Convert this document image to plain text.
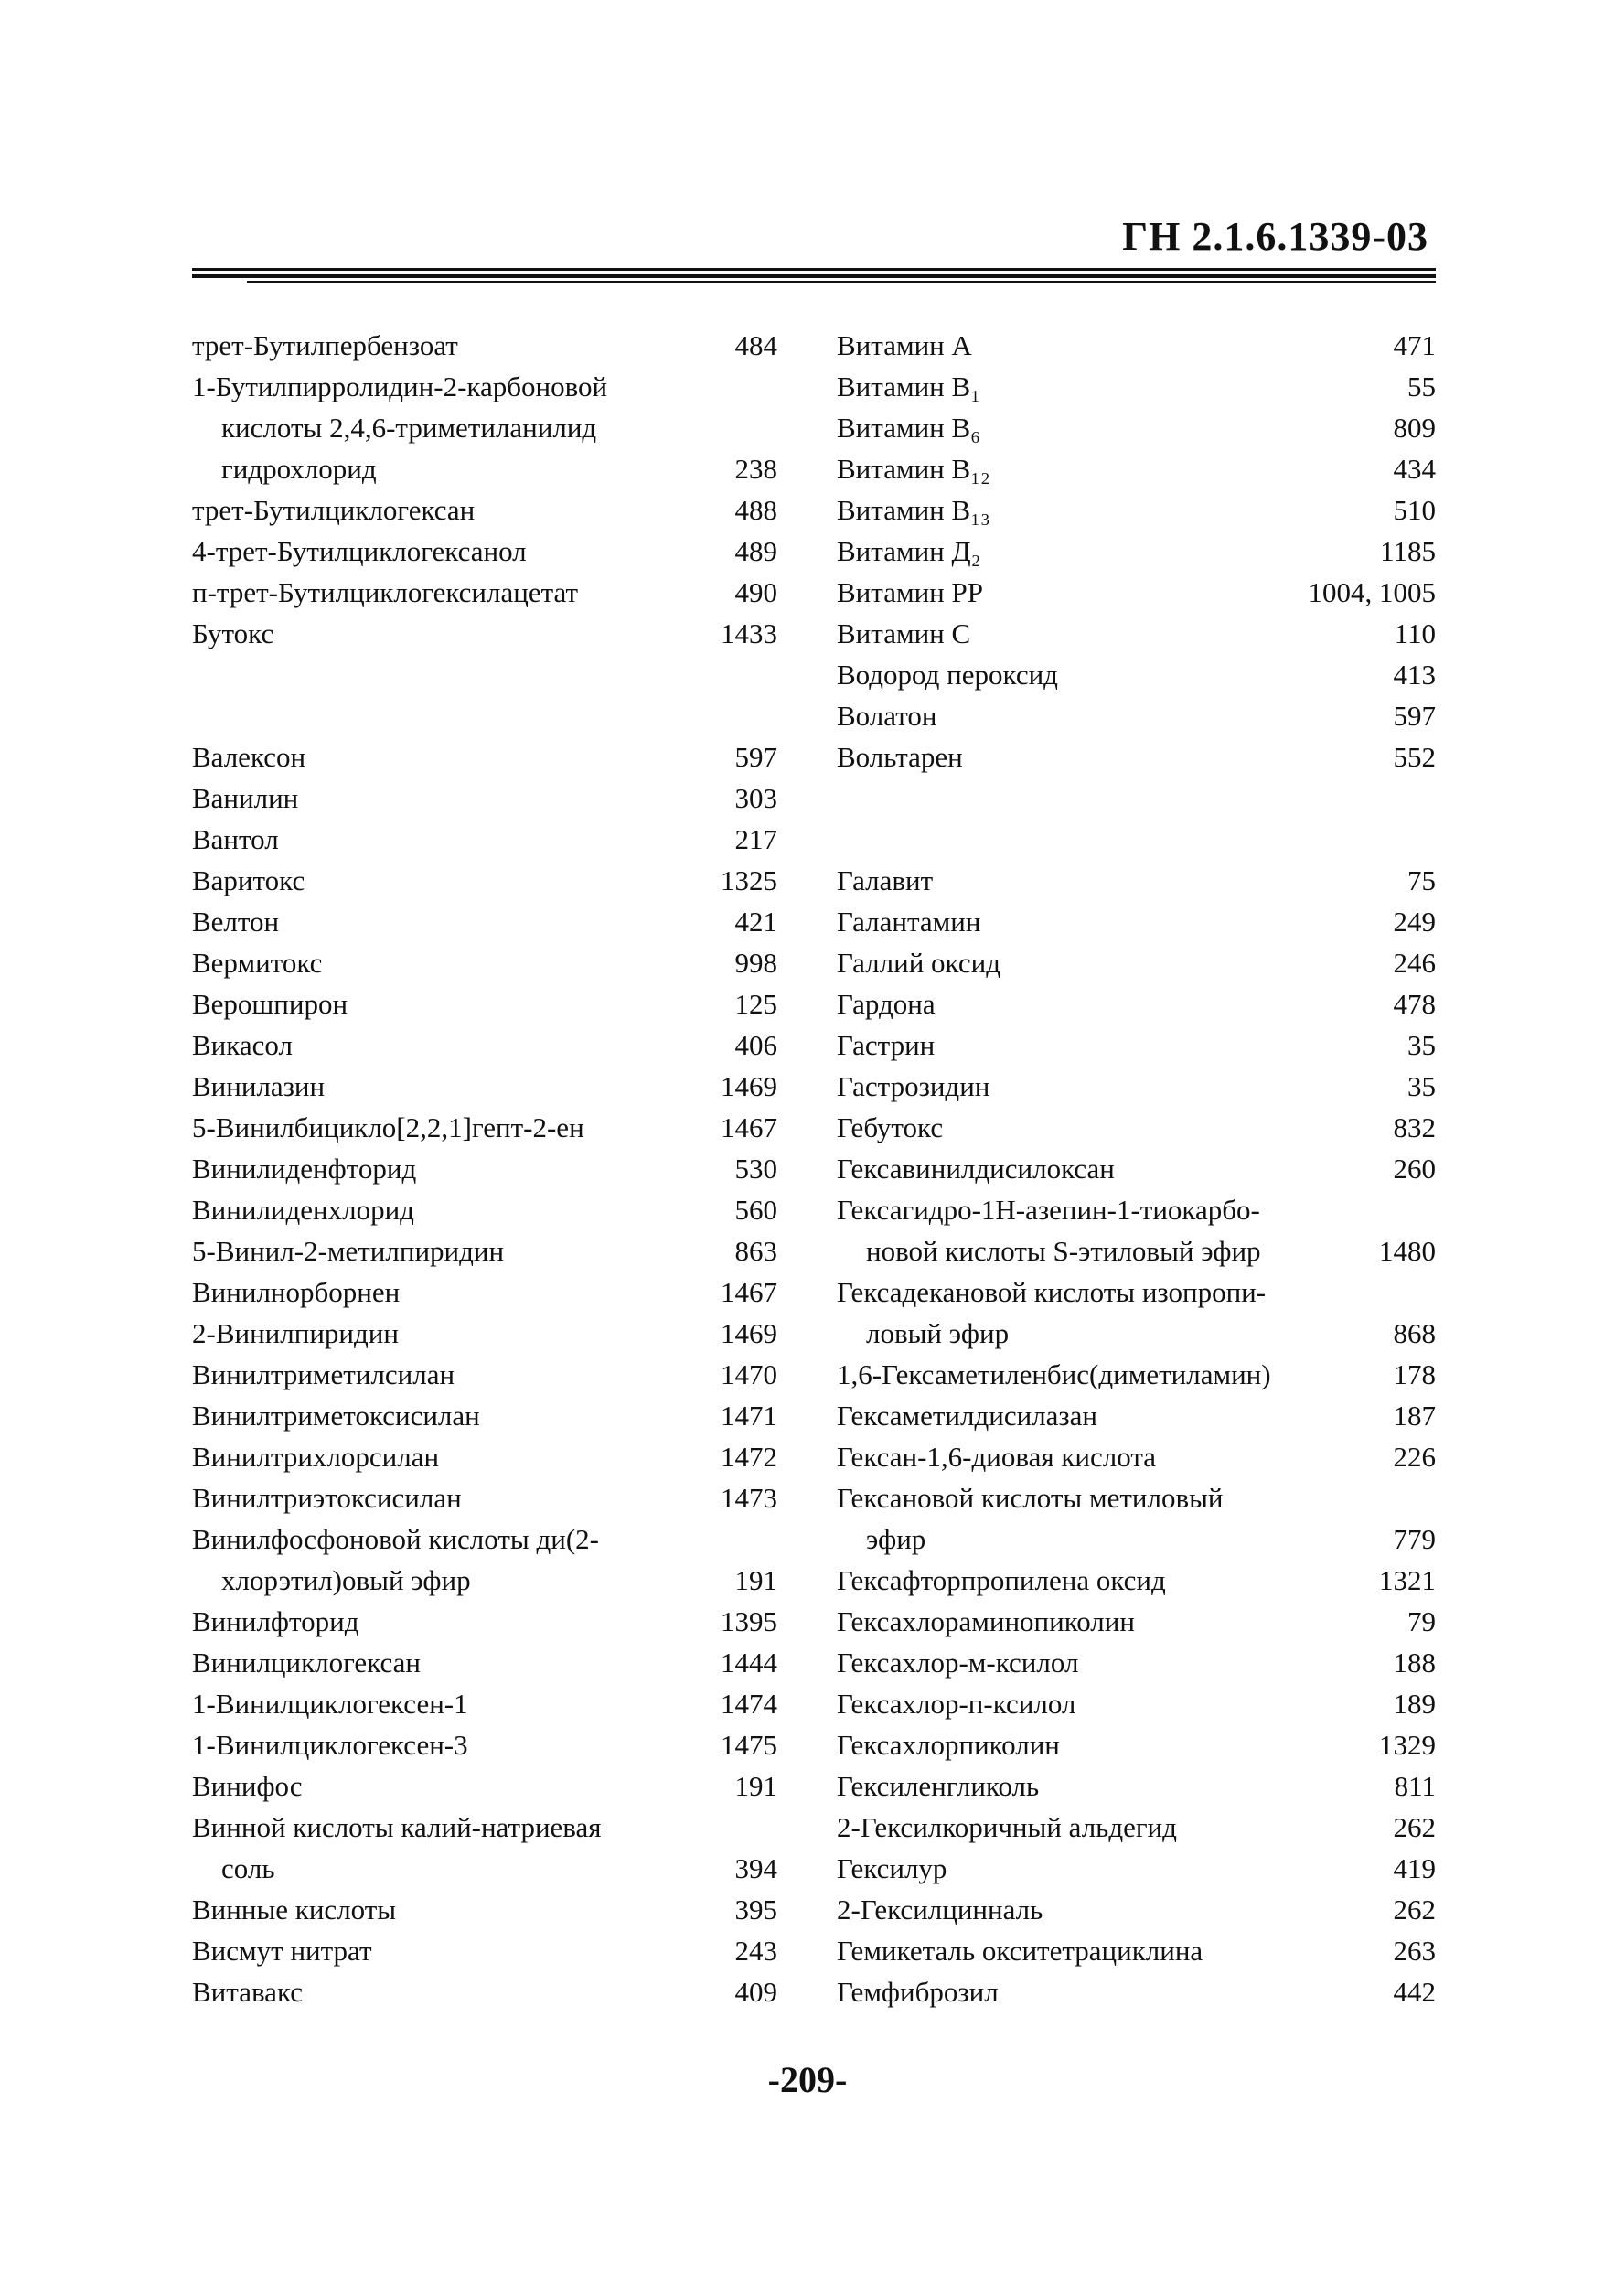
ГН 2.1.6.1339-03
трет-Бутилпербензоат	484
1-Бутилпирролидин-2-карбоновой
кислоты 2,4,6-триметиланилид
гидрохлорид	238
трет-Бутилциклогексан	488
4-трет-Бутилциклогексанол	489
п-трет-Бутилциклогексилацетат	490
Бутокс	1433
Валексон	597
Ванилин	303
Вантол	217
Варитокс	1325
Велтон	421
Вермитокс	998
Верошпирон	125
Викасол	406
Винилазин	1469
5-Винилбицикло[2,2,1]гепт-2-ен	1467
Винилиденфторид	530
Винилиденхлорид	560
5-Винил-2-метилпиридин	863
Винилнорборнен	1467
2-Винилпиридин	1469
Винилтриметилсилан	1470
Винилтриметоксисилан	1471
Винилтрихлорсилан	1472
Винилтриэтоксисилан	1473
Винилфосфоновой кислоты ди(2-
хлорэтил)овый эфир	191
Винилфторид	1395
Винилциклогексан	1444
1-Винилциклогексен-1	1474
1-Винилциклогексен-3	1475
Винифос	191
Винной кислоты калий-натриевая
соль	394
Винные кислоты	395
Висмут нитрат	243
Витавакс	409
Витамин А	471
Витамин В₁	55
Витамин В₆	809
Витамин В₁₂	434
Витамин В₁₃	510
Витамин Д₂	1185
Витамин РР	1004, 1005
Витамин С	110
Водород пероксид	413
Волатон	597
Вольтарен	552
Галавит	75
Галантамин	249
Галлий оксид	246
Гардона	478
Гастрин	35
Гастрозидин	35
Гебутокс	832
Гексавинилдисилоксан	260
Гексагидро-1Н-азепин-1-тиокарбо-
новой кислоты S-этиловый эфир	1480
Гексадекановой кислоты изопропи-
ловый эфир	868
1,6-Гексаметиленбис(диметиламин)	178
Гексаметилдисилазан	187
Гексан-1,6-диовая кислота	226
Гексановой кислоты метиловый
эфир	779
Гексафторпропилена оксид	1321
Гексахлораминопиколин	79
Гексахлор-м-ксилол	188
Гексахлор-п-ксилол	189
Гексахлорпиколин	1329
Гексиленгликоль	811
2-Гексилкоричный альдегид	262
Гексилур	419
2-Гексилцинналь	262
Гемикеталь окситетрациклина	263
Гемфиброзил	442
-209-
